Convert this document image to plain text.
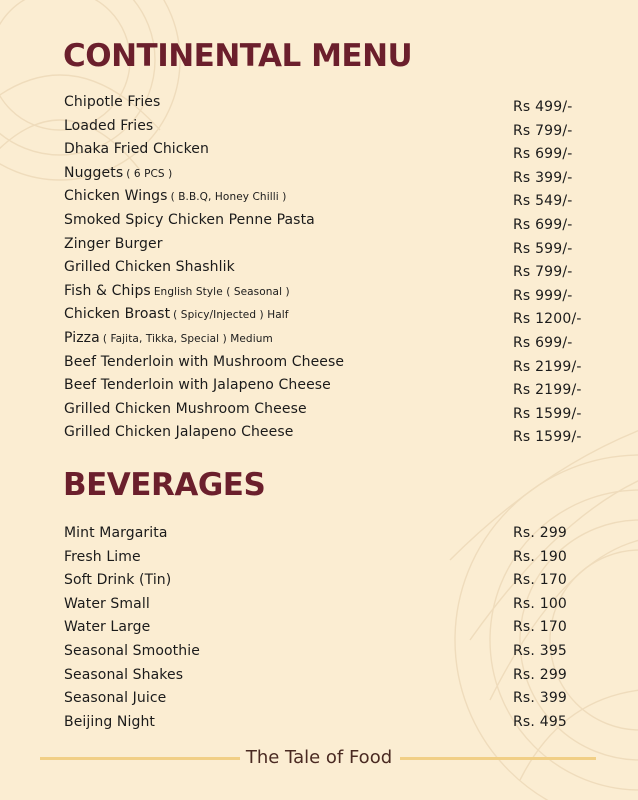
CONTINENTAL MENU
Chipotle Fries	Rs 499/-
Loaded Fries	Rs 799/-
Dhaka Fried Chicken	Rs 699/-
Nuggets ( 6 PCS )	Rs 399/-
Chicken Wings ( B.B.Q, Honey Chilli )	Rs 549/-
Smoked Spicy Chicken Penne Pasta	Rs 699/-
Zinger Burger	Rs 599/-
Grilled Chicken Shashlik	Rs 799/-
Fish & Chips English Style ( Seasonal )	Rs 999/-
Chicken Broast ( Spicy/Injected ) Half	Rs 1200/-
Pizza ( Fajita, Tikka, Special ) Medium	Rs 699/-
Beef Tenderloin with Mushroom Cheese	Rs 2199/-
Beef Tenderloin with Jalapeno Cheese	Rs 2199/-
Grilled Chicken Mushroom Cheese	Rs 1599/-
Grilled Chicken Jalapeno Cheese	Rs 1599/-
BEVERAGES
Mint Margarita	Rs. 299
Fresh Lime	Rs. 190
Soft Drink (Tin)	Rs. 170
Water Small	Rs. 100
Water Large	Rs. 170
Seasonal Smoothie	Rs. 395
Seasonal Shakes	Rs. 299
Seasonal Juice	Rs. 399
Beijing Night	Rs. 495
The Tale of Food
